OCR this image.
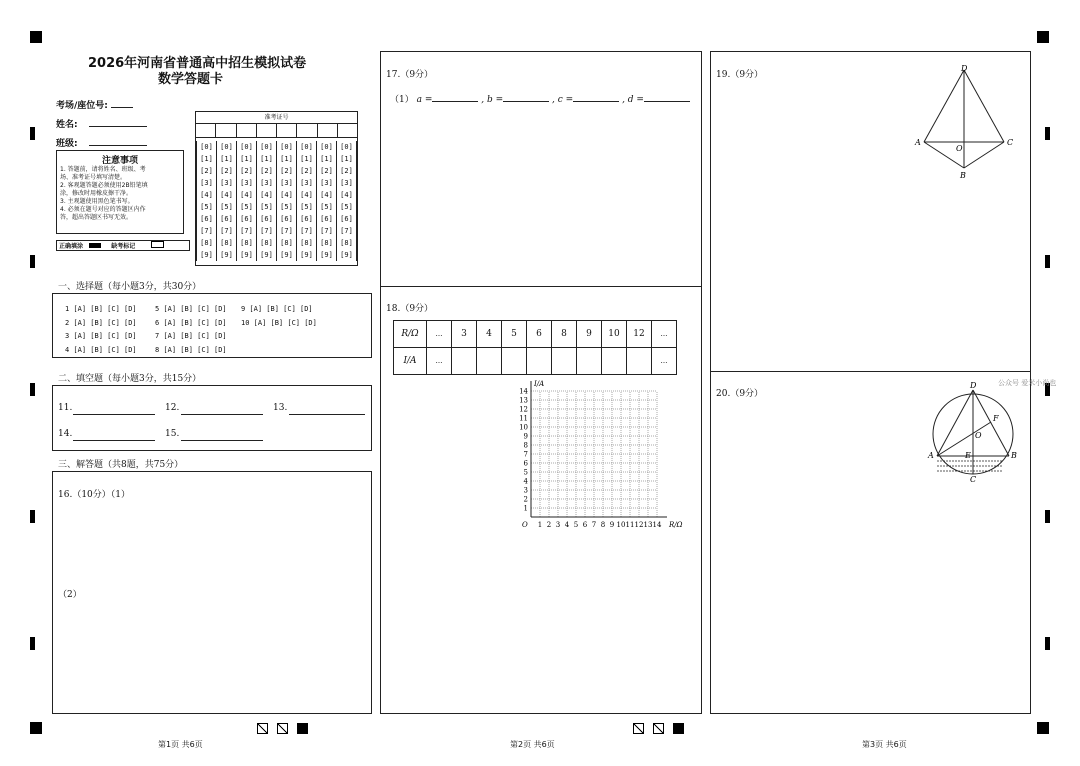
2026年河南省普通高中招生模拟试卷
数学答题卡
考场/座位号:
姓名:
班级:
注意事项
1. 答题前，请将姓名、班级、考
场、准考证号填写清楚。
2. 客观题答题必须使用2B铅笔填
涂，修改时用橡皮擦干净。
3. 主观题使用黑色笔书写。
4. 必须在题号对应的答题区内作
答，超出答题区书写无效。
正确填涂	缺考标记
准考证号
[0]	[0]	[0]	[0]	[0]	[0]	[0]	[0]
[1]	[1]	[1]	[1]	[1]	[1]	[1]	[1]
[2]	[2]	[2]	[2]	[2]	[2]	[2]	[2]
[3]	[3]	[3]	[3]	[3]	[3]	[3]	[3]
[4]	[4]	[4]	[4]	[4]	[4]	[4]	[4]
[5]	[5]	[5]	[5]	[5]	[5]	[5]	[5]
[6]	[6]	[6]	[6]	[6]	[6]	[6]	[6]
[7]	[7]	[7]	[7]	[7]	[7]	[7]	[7]
[8]	[8]	[8]	[8]	[8]	[8]	[8]	[8]
[9]	[9]	[9]	[9]	[9]	[9]	[9]	[9]
一、选择题（每小题3分，共30分）
1 [A] [B] [C] [D]
2 [A] [B] [C] [D]
3 [A] [B] [C] [D]
4 [A] [B] [C] [D]
5 [A] [B] [C] [D]
6 [A] [B] [C] [D]
7 [A] [B] [C] [D]
8 [A] [B] [C] [D]
9 [A] [B] [C] [D]
10 [A] [B] [C] [D]
二、填空题（每小题3分，共15分）
11.	12.	13.
14.	15.
三、解答题（共8题，共75分）
16.（10分）（1）
（2）
第1页 共6页
17.（9分）
（1） a =	, b =	, c =	, d =
18.（9分）
R/Ω	…	3	4	5	6	8	9	10	12	…
I/A	…									…
1 2 3 4 5 6 7 8 9 10 11 12 13 14
1
2
3
4
5
6
7
8
9
10
11
12
13
14
O	R/Ω
I/A
第2页 共6页
19.（9分）
D
A	C
O
B
20.（9分）
D
F
O
A	E	B
C
公众号 爱米小尚也
第3页 共6页
